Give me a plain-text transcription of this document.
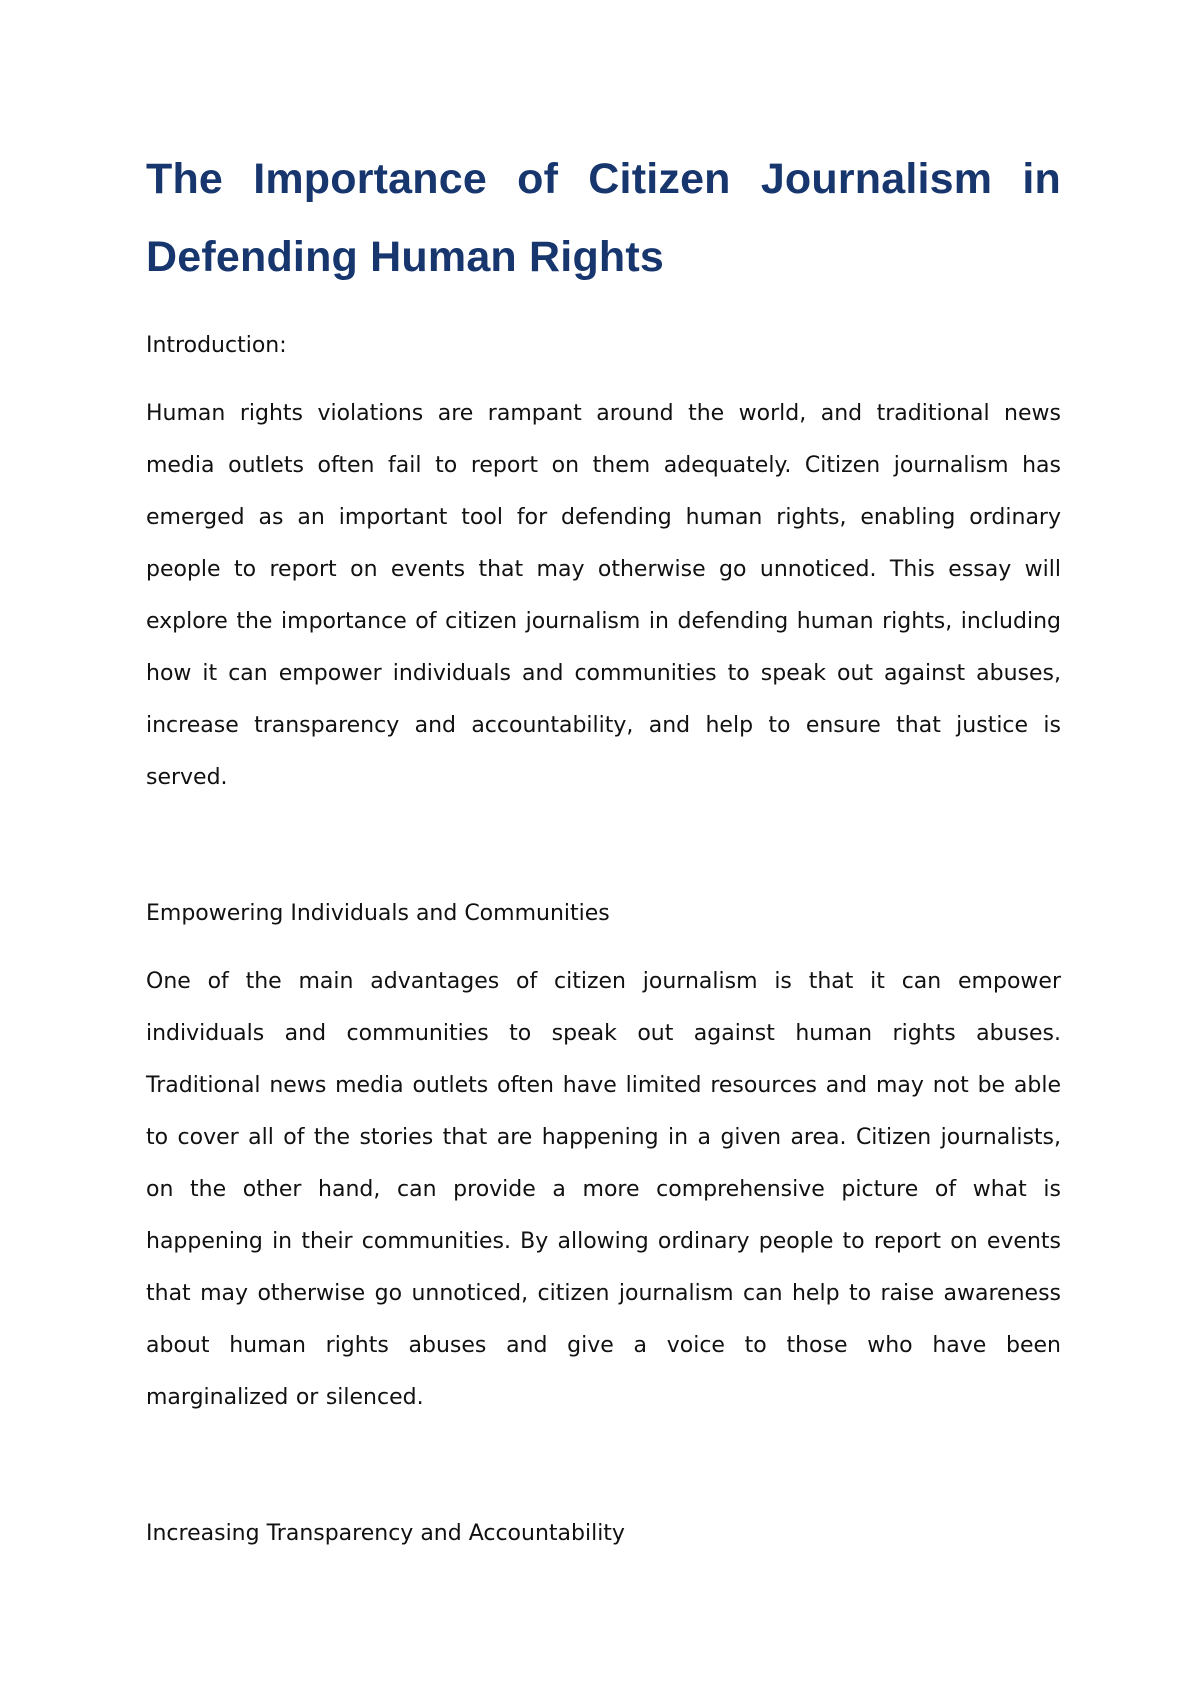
The Importance of Citizen Journalism in
Defending Human Rights

Introduction:

Human rights violations are rampant around the world, and traditional news media outlets often fail to report on them adequately. Citizen journalism has emerged as an important tool for defending human rights, enabling ordinary people to report on events that may otherwise go unnoticed. This essay will explore the importance of citizen journalism in defending human rights, including how it can empower individuals and communities to speak out against abuses, increase transparency and accountability, and help to ensure that justice is served.

Empowering Individuals and Communities

One of the main advantages of citizen journalism is that it can empower individuals and communities to speak out against human rights abuses. Traditional news media outlets often have limited resources and may not be able to cover all of the stories that are happening in a given area. Citizen journalists, on the other hand, can provide a more comprehensive picture of what is happening in their communities. By allowing ordinary people to report on events that may otherwise go unnoticed, citizen journalism can help to raise awareness about human rights abuses and give a voice to those who have been marginalized or silenced.

Increasing Transparency and Accountability
